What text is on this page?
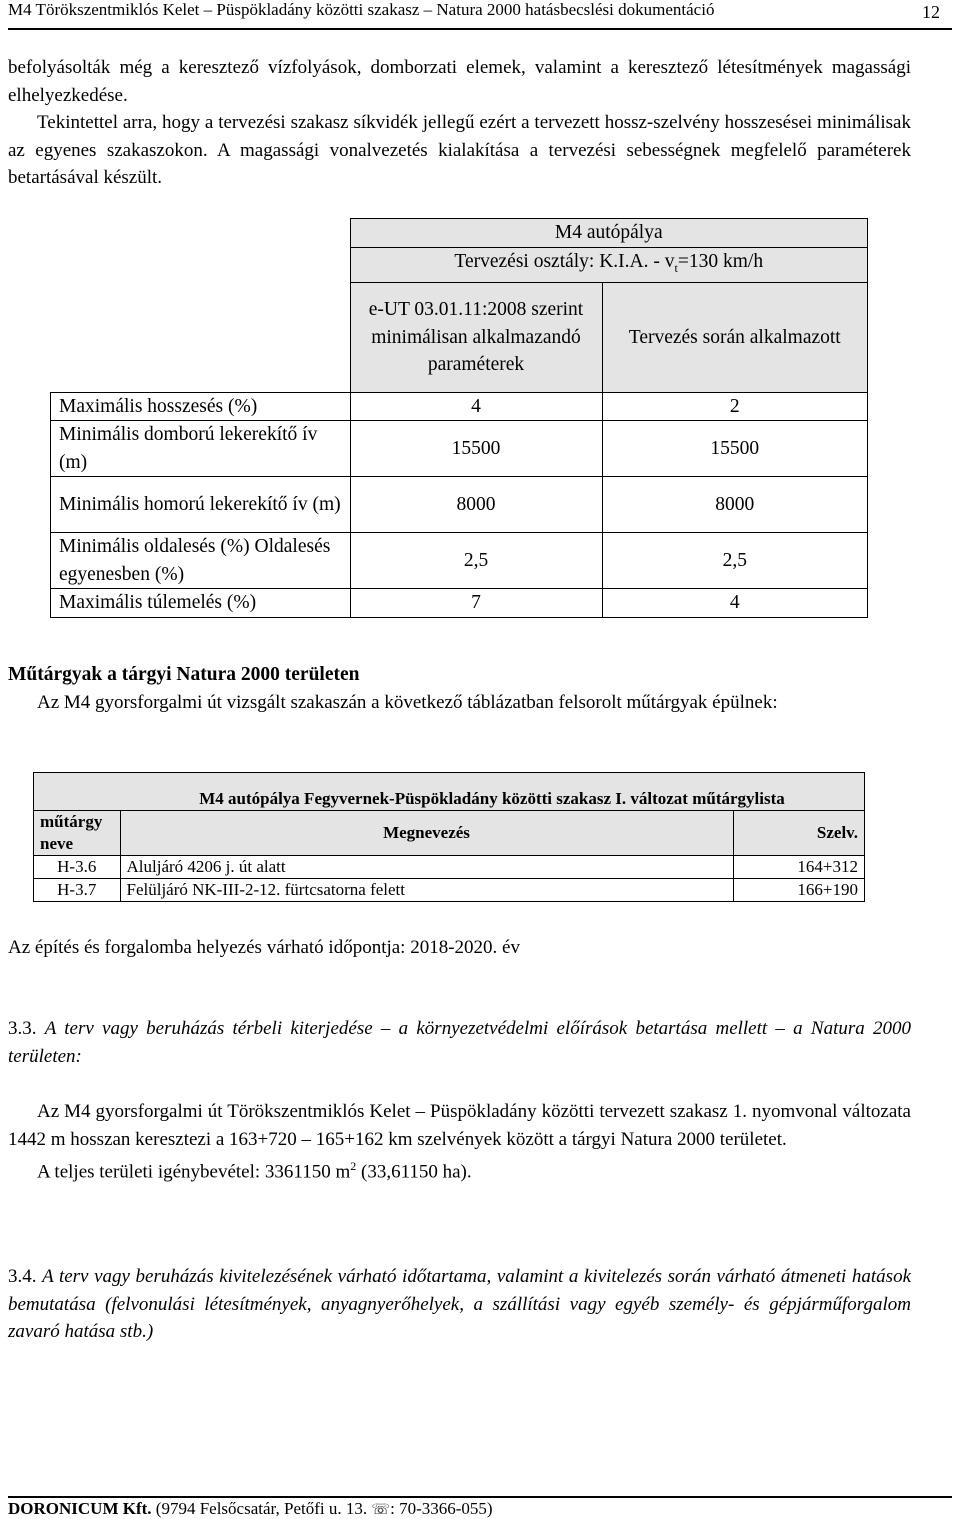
M4 Törökszentmiklós Kelet – Püspökladány közötti szakasz – Natura 2000 hatásbecslési dokumentáció	12

befolyásolták még a keresztező vízfolyások, domborzati elemek, valamint a keresztező létesítmények magassági elhelyezkedése.

Tekintettel arra, hogy a tervezési szakasz síkvidék jellegű ezért a tervezett hossz-szelvény hosszesései minimálisak az egyenes szakaszokon. A magassági vonalvezetés kialakítása a tervezési sebességnek megfelelő paraméterek betartásával készült.

	M4 autópálya	
	Tervezési osztály: K.I.A. - $v_t=130$ km/h	
	e-UT 03.01.11:2008 szerint minimálisan alkalmazandó paraméterek	Tervezés során alkalmazott
Maximális hosszesés (%)	4	2
Minimális domború lekerekítő ív (m)	15500	15500
Minimális homorú lekerekítő ív (m)	8000	8000
Minimális oldalesés (%) Oldalesés egyenesben (%)	2,5	2,5
Maximális túlemelés (%)	7	4
Műtárgyak a tárgyi Natura 2000 területen

Az M4 gyorsforgalmi út vizsgált szakaszán a következő táblázatban felsorolt műtárgyak épülnek:

	M4 autópálya Fegyvernek-Püspökladány közötti szakasz I. változat műtárgylista	
műtárgy neve	Megnevezés	Szelv.
H-3.6	Aluljáró 4206 j. út alatt	164+312
H-3.7	Felüljáró NK-III-2-12. fürtcsatorna felett	166+190
Az építés és forgalomba helyezés várható időpontja: 2018-2020. év

3.3. A terv vagy beruházás térbeli kiterjedése – a környezetvédelmi előírások betartása mellett – a Natura 2000 területen:

Az M4 gyorsforgalmi út Törökszentmiklós Kelet – Püspökladány közötti tervezett szakasz 1. nyomvonal változata 1442 m hosszan keresztezi a 163+720 – 165+162 km szelvények között a tárgyi Natura 2000 területet.

A teljes területi igénybevétel: 3361150 $m^2$ (33,61150 ha).

3.4. A terv vagy beruházás kivitelezésének várható időtartama, valamint a kivitelezés során várható átmeneti hatások bemutatása (felvonulási létesítmények, anyagnyerőhelyek, a szállítási vagy egyéb személy- és gépjárműforgalom zavaró hatása stb.)

DORONICUM Kft. (9794 Felsőcsatár, Petőfi u. 13. ☏: 70-3366-055)
